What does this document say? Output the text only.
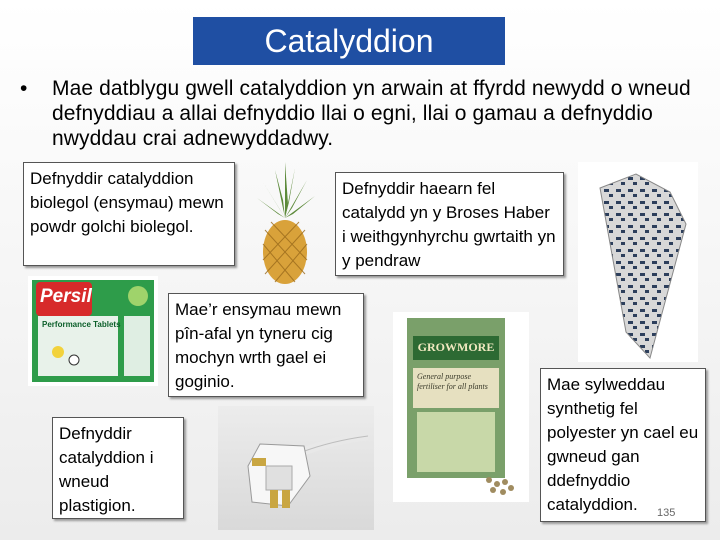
Catalyddion
• Mae datblygu gwell catalyddion yn arwain at ffyrdd newydd o wneud defnyddiau a allai defnyddio llai o egni, llai o gamau a defnyddio nwyddau crai adnewyddadwy.
Defnyddir catalyddion biolegol (ensymau) mewn powdr golchi biolegol.
Defnyddir haearn fel catalydd yn y Broses Haber i weithgynhyrchu gwrtaith yn y pendraw
Persil
Performance Tablets
Mae’r ensymau mewn pîn-afal yn tyneru cig mochyn wrth gael ei goginio.
GROWMORE
General purpose fertiliser for all plants
Defnyddir catalyddion i wneud plastigion.
Mae sylweddau synthetig fel polyester yn cael eu gwneud gan ddefnyddio catalyddion.	135
